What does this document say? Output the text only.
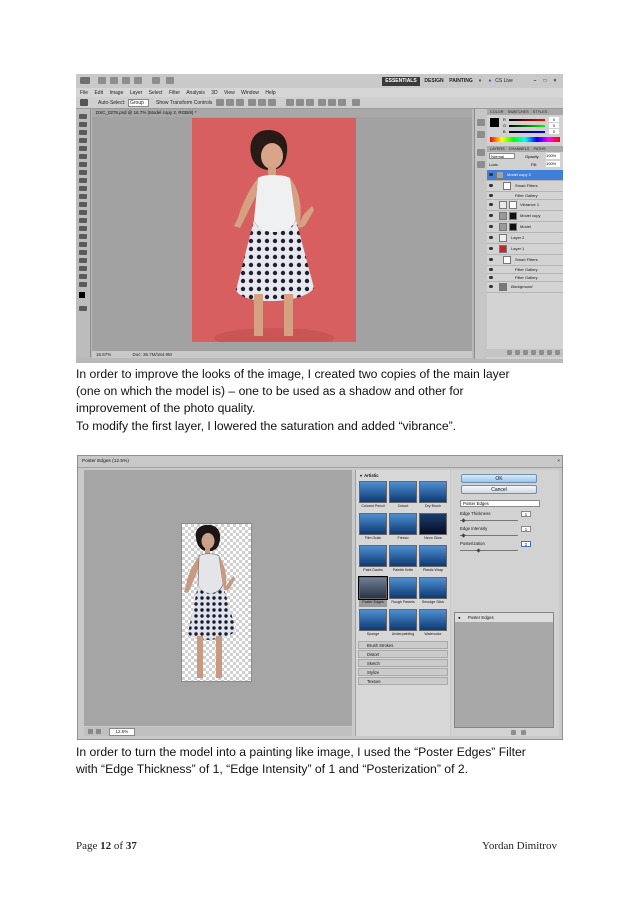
ESSENTIALS	DESIGN	PAINTING	»	● CS Live	–	□	×
File Edit Image Layer Select Filter Analysis 3D View Window Help
Auto-Select: Group	Show Transform Controls
DSC_0276.psd @ 16.7% (Model copy 2, RGB/8) *
16.67%	Doc: 36.7M/184.9M
COLOR SWATCHES STYLES
R
G
B
0
0
0
LAYERS CHANNELS PATHS
Normal	Opacity: 100%
Lock:	Fill: 100%
Model copy 2
Smart Filters
Filter Gallery
Vibrance 1
Model copy
Model
Layer 2
Layer 1
Smart Filters
Filter Gallery
Filter Gallery
Background

In order to improve the looks of the image, I created two copies of the main layer

(one on which the model is) – one to be used as a shadow and other for

improvement of the photo quality.

To modify the first layer, I lowered the saturation and added “vibrance”.

Poster Edges (12.5%)	×
12.5%
▾ Artistic
Colored Pencil	Cutout	Dry Brush
Film Grain	Fresco	Neon Glow
Paint Daubs	Palette Knife	Plastic Wrap
Poster Edges	Rough Pastels	Smudge Stick
Sponge	Underpainting	Watercolor
Brush Strokes
Distort
Sketch
Stylize
Texture
OK
Cancel
Poster Edges
Edge Thickness	1
Edge Intensity	1
Posterization	2
● Poster Edges

In order to turn the model into a painting like image, I used the “Poster Edges” Filter

with “Edge Thickness” of 1, “Edge Intensity” of 1 and “Posterization” of 2.

Page 12 of 37	Yordan Dimitrov
